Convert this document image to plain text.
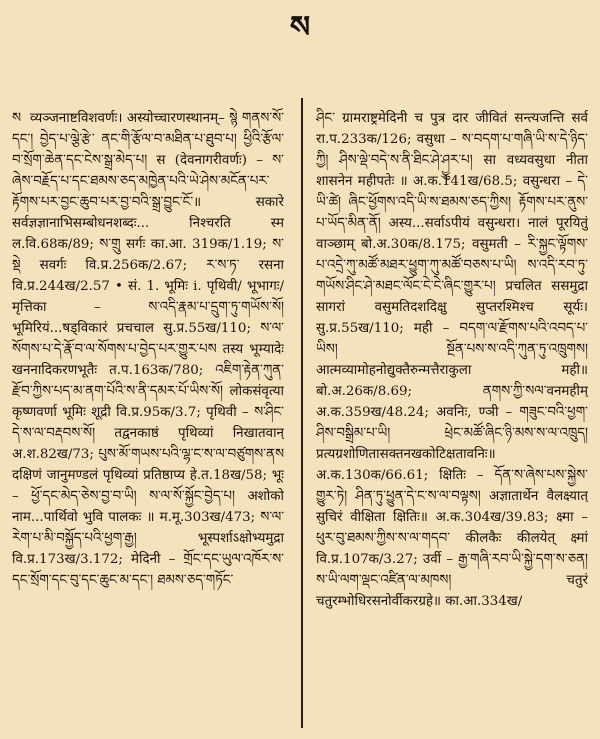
ས

ས ‌ व्यञ्जनाष्टविशवर्णः। अस्योच्चारणस्थानम्– སྙེ གནས་སོ་དང་། བྱེད་པ་ལྕེ་རྩེ་ ནང་གི་རྩོལ་བ་མཐིན་པ་ཐུབ་པ། ཕྱིའི་རྩོལ་བ་སྲོག་ཆེན་དང་ངེས་སྒྲ་མེད་པ། स (देवनागरीवर्णः) – ས་ཞེས་བརྗོད་པ་དང་ཐམས་ཅད་མཁྱེན་པའི་ཡེ་ཤེས་མངོན་པར་རྟོགས་པར་བྱང་ཆུབ་པར་བྱ་བའི་སྒྲ་བྱུང་ངོ་॥ सकारे सर्वज्ञज्ञानाभिसम्बोधनशब्दः... निश्चरति स्म ल.वि.68क/89; ས་གྲུ सर्गः का.आ. 319क/1.19; ས་སྡེ सवर्गः वि.प्र.256क/2.67; ར་ས་ཏ་ रसना वि.प्र.244ख/2.57 • सं. 1. भूमिः i. पृथिवी/ भूभागः/मृत्तिका – ས་འདི་རྣམ་པ་དྲུག་ཏུ་གཡོས་སོ། भूमिरियं...षड्विकारं प्रचचाल सु.प्र.55ख/110; ས་ལ་སོགས་པ་དེ་རྣོ་བ་ལ་སོགས་པ་བྱེད་པར་གྱུར་པས तस्य भूम्यादेः खननादिकरणभूतैः त.प.163क/780; འཇིག་རྟེན་ཀུན་རྫོབ་ཀྱིས་པད་མ་ནག་པོའི་ས་ནི་དམར་པོ་ཡིས་སོ། लोकसंवृत्या कृष्णवर्णा भूमिः शूद्री वि.प्र.95क/3.7; पृथिवी – ས་ཤིང་དེ་ས་ལ་བརྡབས་སོ། तद्वनकाष्ठं पृथिव्यां निखातवान् अ.श.82ख/73; པུས་མོ་གཡས་པའི་ལྷ་ང་ས་ལ་བཙུགས་ནས दक्षिणं जानुमण्डलं पृथिव्यां प्रतिष्ठाप्य हे.त.18ख/58; भूः – ཕྱོ་དང་མེད་ཅེས་བྱ་བ་ཡི། ས་ལ་སོ་སྐྱོང་བྱེད་པ། अशोको नाम...पार्थिवो भुवि पालकः ॥ म.मू.303ख/473; ས་ལ་རེག་པ་མི་བསྐྱོད་པའི་ཕྱག་རྒྱ། भूस्पर्शाऽक्षोभ्यमुद्रा वि.प्र.173ख/3.172; मेदिनी – གྲོང་དང་ཡུལ་འཁོར་ས་དང་སྲོག་དང་བུ་དང་ཆུང་མ་དང་། ཐམས་ཅད་གཏོང་

ཤིང་ ग्रामराष्ट्रमेदिनी च पुत्र दार जीवितं सन्त्यजन्ति सर्व रा.प.233क/126; वसुधा – ས་བདག་པ་གཞི་ཡི་ས་དེ་ཉིད་ཀྱི། ཤིས་ལྡེ་བདེ་ས་ནི་ཐིང་ཤེ་ཤྱུར་པ། सा वध्यवसुधा नीता शासनेन महीपतेः ॥ अ.क.141ख/68.5; वसुन्धरा – དེ་ཡི་ཚེ། ཞིང་ཕྱོགས་འདི་ཡི་ས་ཐམས་ཅད་ཀྱིས། རྟོགས་པར་ནུས་པ་ཡོད་མིན་ནོ། अस्य...सर्वाऽपीयं वसुन्धरा। नालं पूरयितुं वाञ्छाम् बो.अ.30क/8.175; वसुमती – རི་སྐྱང་ལྟོགས་པ་འདྲེ་ཀུ་མཚོ་མཐར་ཕྱུག་ཀུ་མཚོ་བཅས་པ་ཡི། ས་འདི་རབ་ཏུ་གཡོས་ཤིང་ཤེ་མཐང་ལོང་ངེ་ངེ་ཞིང་གྱུར་པ། प्रचलित ससमुद्रा सागरां वसुमतिदशदिक्षु सुप्तरश्मिश्च सूर्यः। सु.प्र.55ख/110; मही – བདག་ལ་རྫོགས་པའི་འབད་པ་ཡིས། སྔོན་པས་ས་འདི་ཀུན་ཏུ་འཁྲུགས། आत्मव्यामोहनोद्युक्तैरुन्मत्तैराकुला मही॥ बो.अ.26क/8.69; ནགས་ཀྱི་སལ་वनमहीम् अ.क.359ख/48.24; अवनिः, ण्ञी – གཟུང་བའི་ཕྱག་ཤིས་བསྒྲིམ་པ་ཡི། ཕྲེང་མཚོ་ཞིང་ཉི་མས་ས་ལ་འཁྲུད། प्रत्यग्रशोणितासक्तनखकोटिक्षतावनिः॥ अ.क.130क/66.61; क्षितिः – དོན་ས་ཞེས་པས་སྐྱེས་གྱུར་ཏེ། ཤིན་ཏུ་ཕྱུན་དེ་ང་ས་ལ་བལྟས། अज्ञातार्थेन वैलक्ष्यात् सुचिरं वीक्षिता क्षितिः॥ अ.क.304ख/39.83; क्ष्मा – ཕུར་བུ་ཐམས་ཀྱིས་ས་ལ་གདབ་ कीलकैः कीलयेत् क्ष्मां वि.प्र.107क/3.27; उर्वी – རྒྱ་གཞི་རབ་ཡི་སྐྱེ་དག་ས་ཅན། ས་ཡི་ལག་ལྡང་འཛིན་ལ་མཁས། चतुरं चतुरम्भोधिरसनोर्वीकरग्रहे॥ का.आ.334ख/
